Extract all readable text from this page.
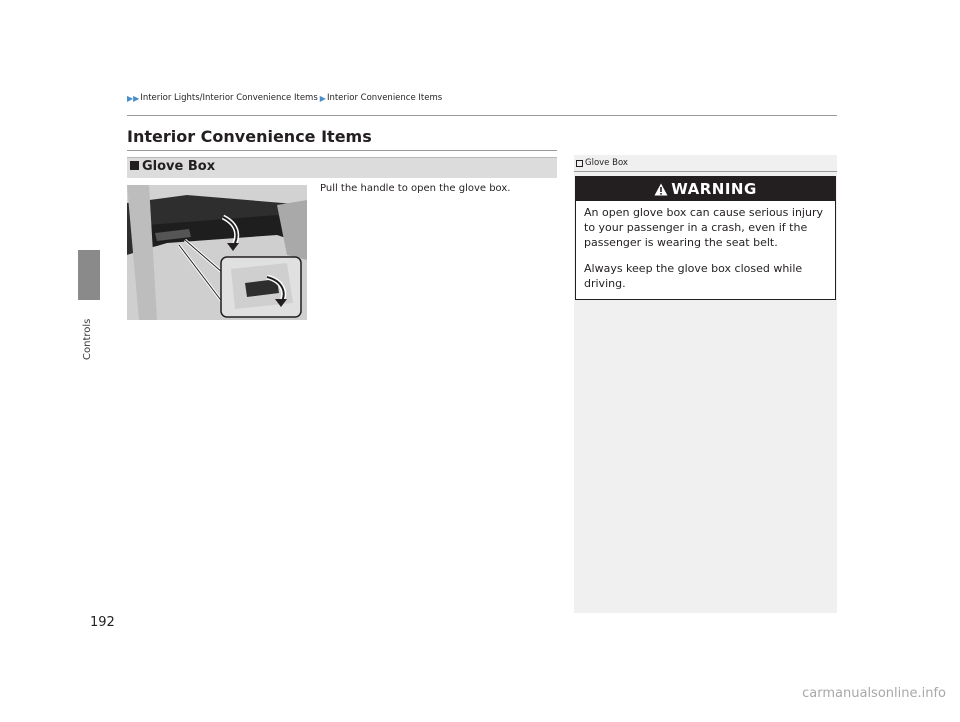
Controls
▶▶ Interior Lights/Interior Convenience Items ▶ Interior Convenience Items
Interior Convenience Items
Glove Box
Pull the handle to open the glove box.
Glove Box
WARNING
An open glove box can cause serious injury to your passenger in a crash, even if the passenger is wearing the seat belt.
Always keep the glove box closed while driving.
192
carmanualsonline.info
